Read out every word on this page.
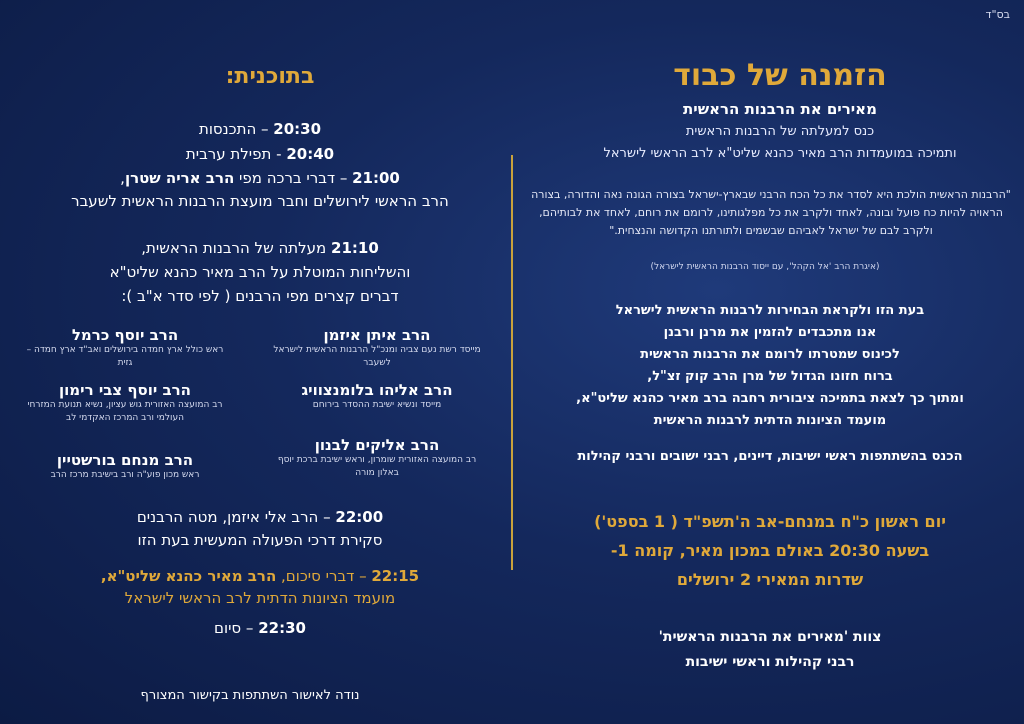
בס"ד
הזמנה של כבוד
מאירים את הרבנות הראשית
כנס למעלתה של הרבנות הראשית
ותמיכה במועמדות הרב מאיר כהנא שליט"א לרב הראשי לישראל
"הרבנות הראשית הולכת היא לסדר את כל הכח הרבני שבארץ-ישראל בצורה הגונה נאה והדורה, בצורה הראויה להיות כח פועל ובונה, לאחד ולקרב את כל מפלגותינו, לרומם את רוחם, לאחד את לבותיהם, ולקרב לבם של ישראל לאביהם שבשמים ולתורתנו הקדושה והנצחית."
(איגרת הרב 'אל הקהל', עם ייסוד הרבנות הראשית לישראל)
בעת הזו ולקראת הבחירות לרבנות הראשית לישראל
אנו מתכבדים להזמין את מרנן ורבנן
לכינוס שמטרתו לרומם את הרבנות הראשית
ברוח חזונו הגדול של מרן הרב קוק זצ"ל,
ומתוך כך לצאת בתמיכה ציבורית רחבה ברב מאיר כהנא שליט"א,
מועמד הציונות הדתית לרבנות הראשית
הכנס בהשתתפות ראשי ישיבות, דיינים, רבני ישובים ורבני קהילות
יום ראשון כ"ח במנחם-אב ה'תשפ"ד ( 1 בספט')
בשעה 20:30 באולם במכון מאיר, קומה 1-
שדרות המאירי 2 ירושלים
צוות 'מאירים את הרבנות הראשית'
רבני קהילות וראשי ישיבות
בתוכנית:
20:30 – התכנסות
20:40 - תפילת ערבית
21:00 – דברי ברכה מפי הרב אריה שטרן,
הרב הראשי לירושלים וחבר מועצת הרבנות הראשית לשעבר
21:10 מעלתה של הרבנות הראשית,
והשליחות המוטלת על הרב מאיר כהנא שליט"א
דברים קצרים מפי הרבנים ( לפי סדר א"ב ):
הרב איתן איזמן
מייסד רשת נעם צביה ומנכ"ל הרבנות הראשית לישראל לשעבר
הרב יוסף כרמל
ראש כולל ארץ חמדה בירושלים ואב"ד ארץ חמדה – גזית
הרב אליהו בלומנצוויג
מייסד ונשיא ישיבת ההסדר בירוחם
הרב יוסף צבי רימון
רב המועצה האזורית גוש עציון, נשיא תנועת המזרחי העולמי ורב המרכז האקדמי לב
הרב אליקים לבנון
רב המועצה האזורית שומרון, וראש ישיבת ברכת יוסף באלון מורה
הרב מנחם בורשטיין
ראש מכון פוע"ה ורב בישיבת מרכז הרב
22:00 – הרב אלי איזמן, מטה הרבנים
סקירת דרכי הפעולה המעשית בעת הזו
22:15 – דברי סיכום, הרב מאיר כהנא שליט"א,
מועמד הציונות הדתית לרב הראשי לישראל
22:30 – סיום
נודה לאישור השתתפות בקישור המצורף
